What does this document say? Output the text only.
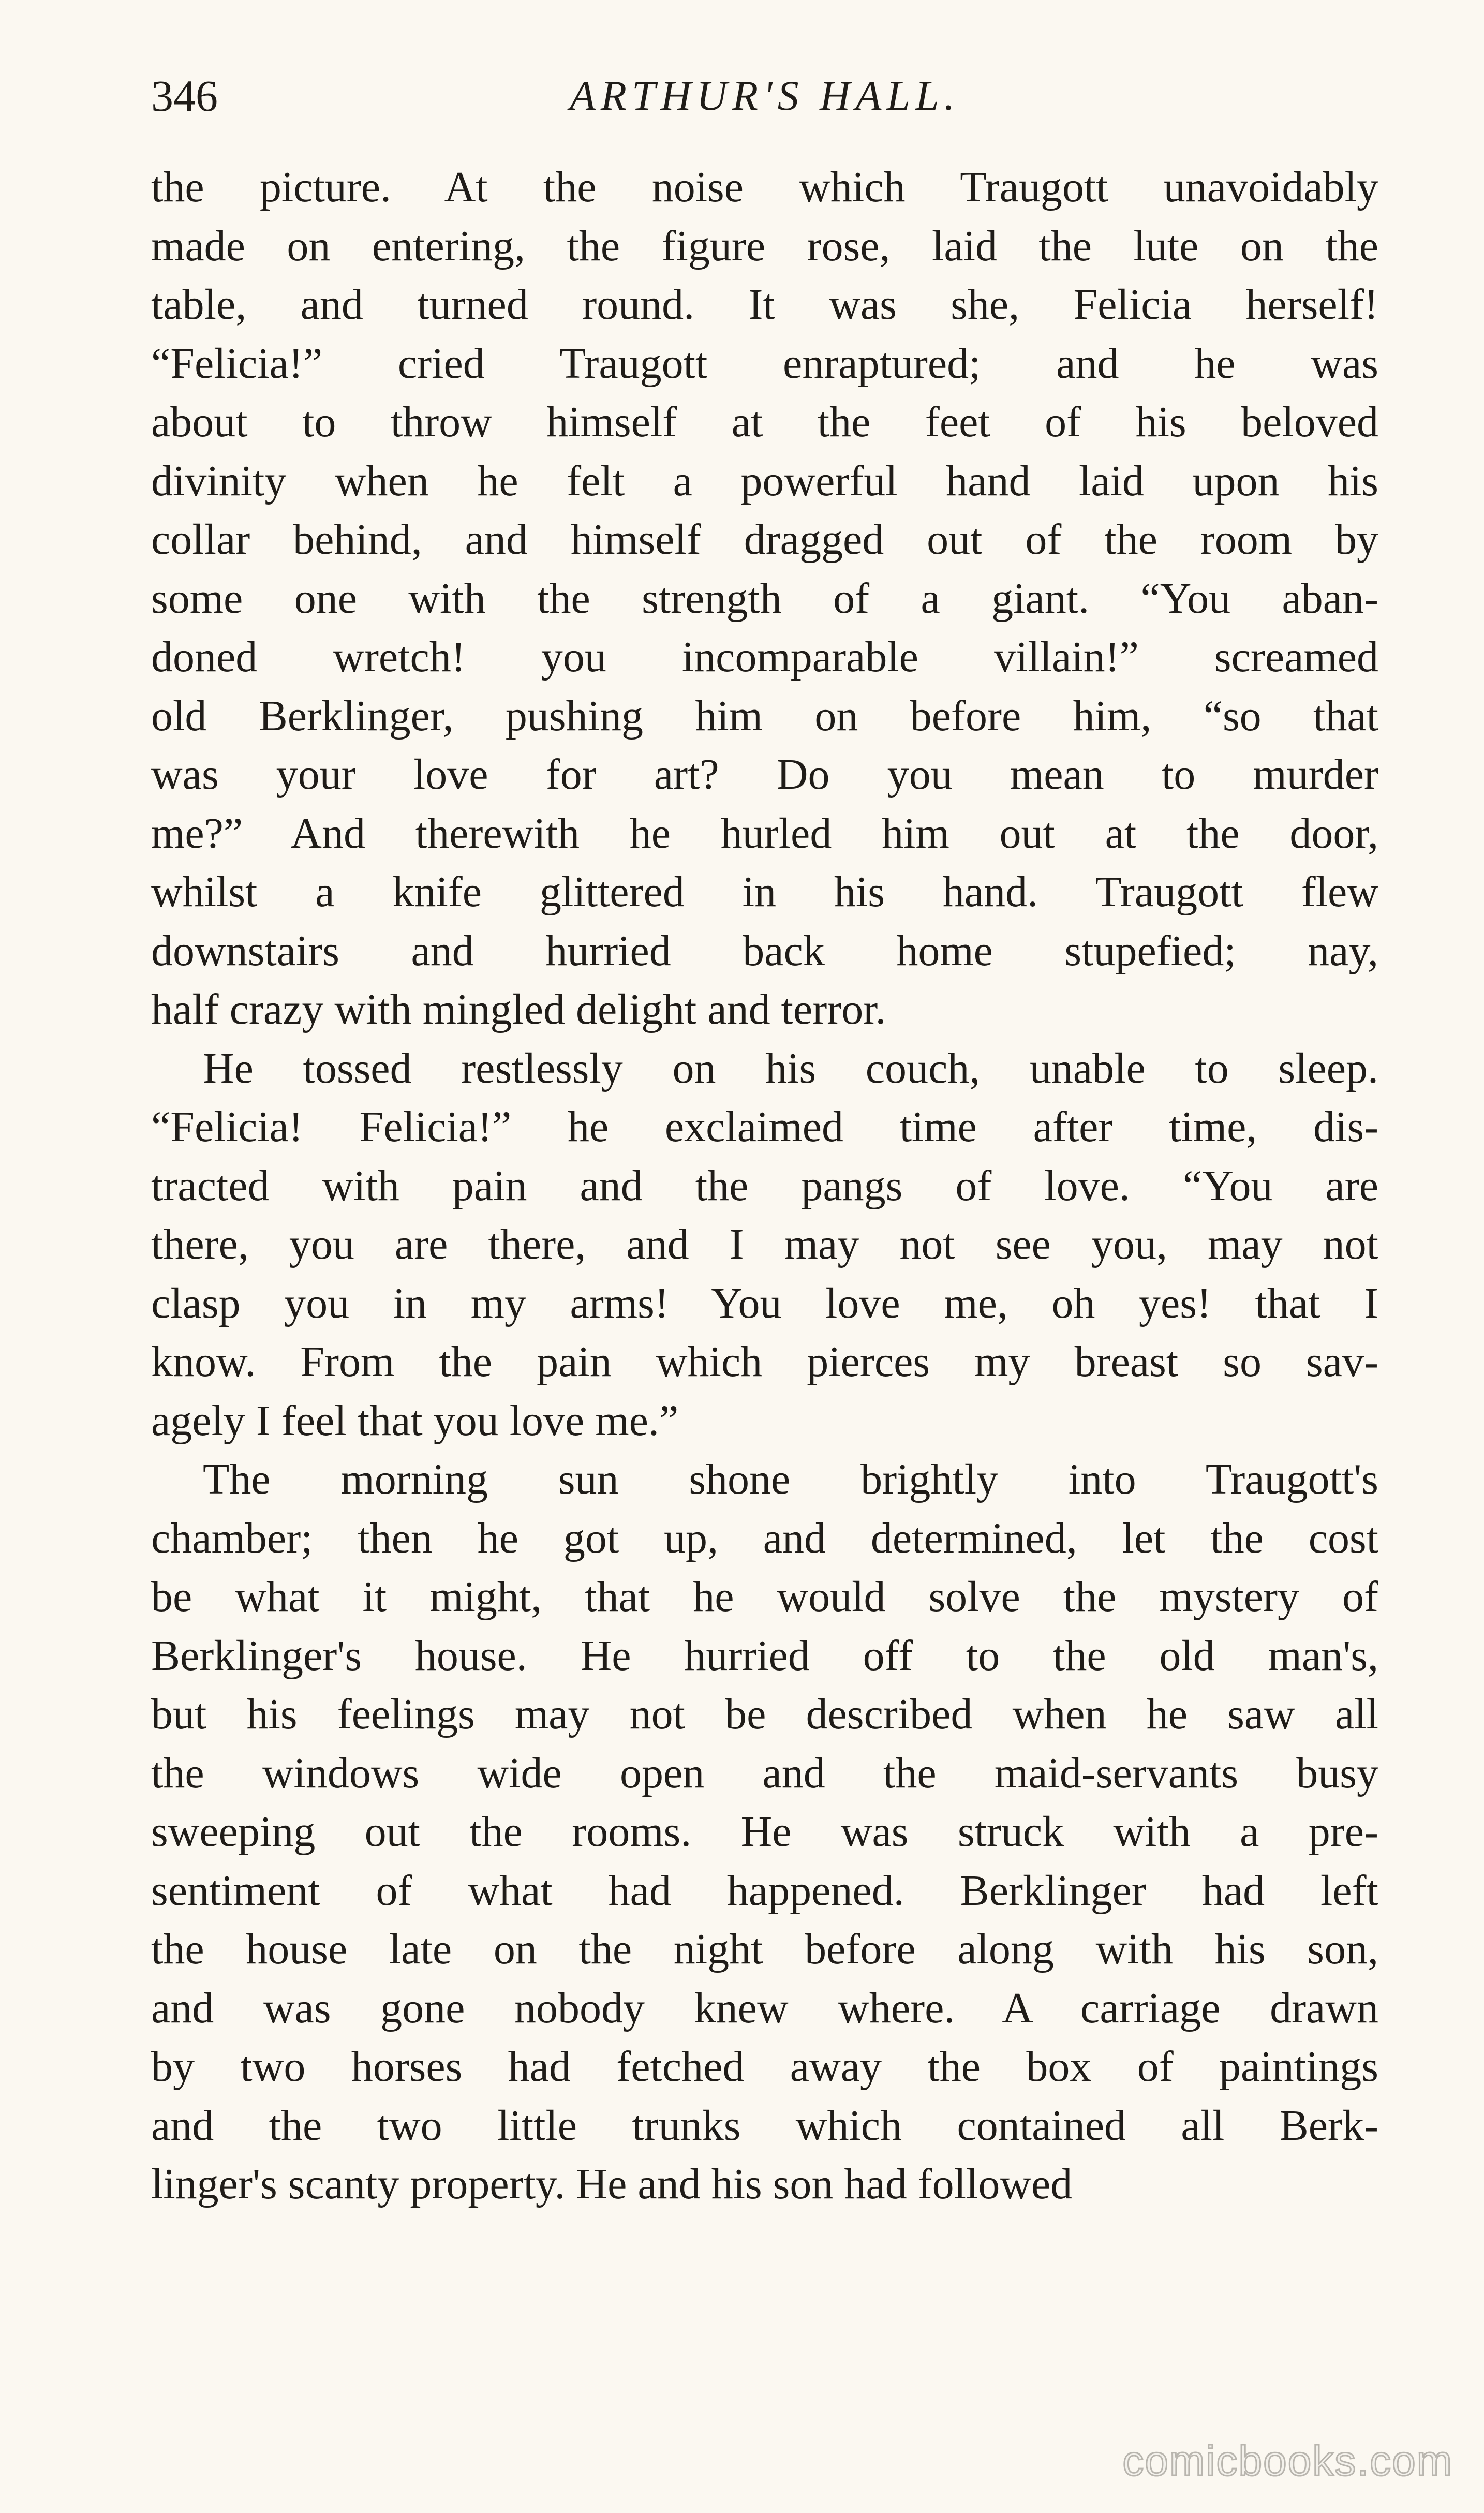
346	ARTHUR'S HALL.
the picture. At the noise which Traugott unavoidably
made on entering, the figure rose, laid the lute on the
table, and turned round. It was she, Felicia herself!
“Felicia!” cried Traugott enraptured; and he was
about to throw himself at the feet of his beloved
divinity when he felt a powerful hand laid upon his
collar behind, and himself dragged out of the room by
some one with the strength of a giant. “You aban-
doned wretch! you incomparable villain!” screamed
old Berklinger, pushing him on before him, “so that
was your love for art? Do you mean to murder
me?” And therewith he hurled him out at the door,
whilst a knife glittered in his hand. Traugott flew
downstairs and hurried back home stupefied; nay,
half crazy with mingled delight and terror.
He tossed restlessly on his couch, unable to sleep.
“Felicia! Felicia!” he exclaimed time after time, dis-
tracted with pain and the pangs of love. “You are
there, you are there, and I may not see you, may not
clasp you in my arms! You love me, oh yes! that I
know. From the pain which pierces my breast so sav-
agely I feel that you love me.”
The morning sun shone brightly into Traugott's
chamber; then he got up, and determined, let the cost
be what it might, that he would solve the mystery of
Berklinger's house. He hurried off to the old man's,
but his feelings may not be described when he saw all
the windows wide open and the maid-servants busy
sweeping out the rooms. He was struck with a pre-
sentiment of what had happened. Berklinger had left
the house late on the night before along with his son,
and was gone nobody knew where. A carriage drawn
by two horses had fetched away the box of paintings
and the two little trunks which contained all Berk-
linger's scanty property. He and his son had followed
comicbooks.com
